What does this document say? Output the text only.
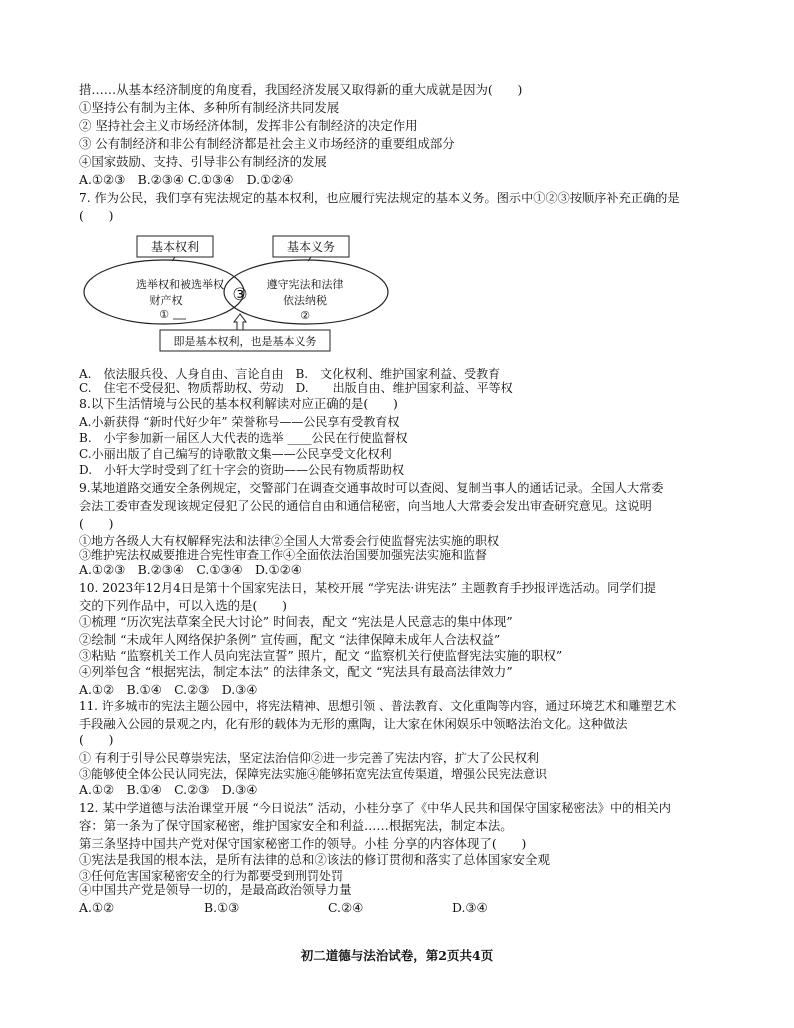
措……从基本经济制度的角度看，我国经济发展又取得新的重大成就是因为(　　)
①坚持公有制为主体、多种所有制经济共同发展
② 坚持社会主义市场经济体制，发挥非公有制经济的决定作用
③ 公有制经济和非公有制经济都是社会主义市场经济的重要组成部分
④国家鼓励、支持、引导非公有制经济的发展
A.①②③　B.②③④ C.①③④　D.①②④
7. 作为公民，我们享有宪法规定的基本权利，也应履行宪法规定的基本义务。图示中①②③按顺序补充正确的是
(　　)
基本权利	基本义务
选举权和被选举权
财产权
①
③
遵守宪法和法律
依法纳税
②
即是基本权利，也是基本义务
A.　依法服兵役、人身自由、言论自由　B.　文化权利、维护国家利益、受教育
C.　住宅不受侵犯、物质帮助权、劳动　D.　　出版自由、维护国家利益、平等权
8.以下生活情境与公民的基本权利解读对应正确的是(　　)
A.小新获得 “新时代好少年” 荣誉称号——公民享有受教育权
B.　小宇参加新一届区人大代表的选举 ____公民在行使监督权
C.小丽出版了自己编写的诗歌散文集——公民享受文化权利
D.　小轩大学时受到了红十字会的资助——公民有物质帮助权
9.某地道路交通安全条例规定，交警部门在调查交通事故时可以查阅、复制当事人的通话记录。全国人大常委
会法工委审查发现该规定侵犯了公民的通信自由和通信秘密，向当地人大常委会发出审查研究意见。这说明
(　　)
①地方各级人大有权解释宪法和法律②全国人大常委会行使监督宪法实施的职权
③维护宪法权威要推进合宪性审查工作④全面依法治国要加强宪法实施和监督
A.①②③　B.②③④　C.①③④　D.①②④
10. 2023年12月4日是第十个国家宪法日，某校开展 “学宪法·讲宪法” 主题教育手抄报评选活动。同学们提
交的下列作品中，可以入选的是(　　)
①梳理 “历次宪法草案全民大讨论” 时间表，配文 “宪法是人民意志的集中体现”
②绘制 “未成年人网络保护条例” 宣传画，配文 “法律保障未成年人合法权益”
③粘贴 “监察机关工作人员向宪法宣誓” 照片，配文 “监察机关行使监督宪法实施的职权”
④列举包含 “根据宪法，制定本法” 的法律条文，配文 “宪法具有最高法律效力”
A.①②　B.①④　C.②③　D.③④
11. 许多城市的宪法主题公园中，将宪法精神、思想引领 、普法教育、文化重陶等内容，通过环境艺术和雕塑艺术
手段融入公园的景观之内，化有形的载体为无形的熏陶，让大家在休闲娱乐中领略法治文化。这种做法
(　　)
① 有利于引导公民尊崇宪法，坚定法治信仰②进一步完善了宪法内容，扩大了公民权利
③能够使全体公民认同宪法，保障宪法实施④能够拓宽宪法宣传渠道，增强公民宪法意识
A.①②　B.①④　C.②③　D.③④
12. 某中学道德与法治课堂开展 “今日说法” 活动，小桂分享了《中华人民共和国保守国家秘密法》中的相关内
容：第一条为了保守国家秘密，维护国家安全和利益……根据宪法，制定本法。
第三条坚持中国共产党对保守国家秘密工作的领导。小桂 分享的内容体现了(　　)
①宪法是我国的根本法，是所有法律的总和②该法的修订贯彻和落实了总体国家安全观
③任何危害国家秘密安全的行为都要受到刑罚处罚
④中国共产党是领导一切的，是最高政治领导力量
A.①②	B.①③	C.②④	D.③④
初二道德与法治试卷，第2页共4页
